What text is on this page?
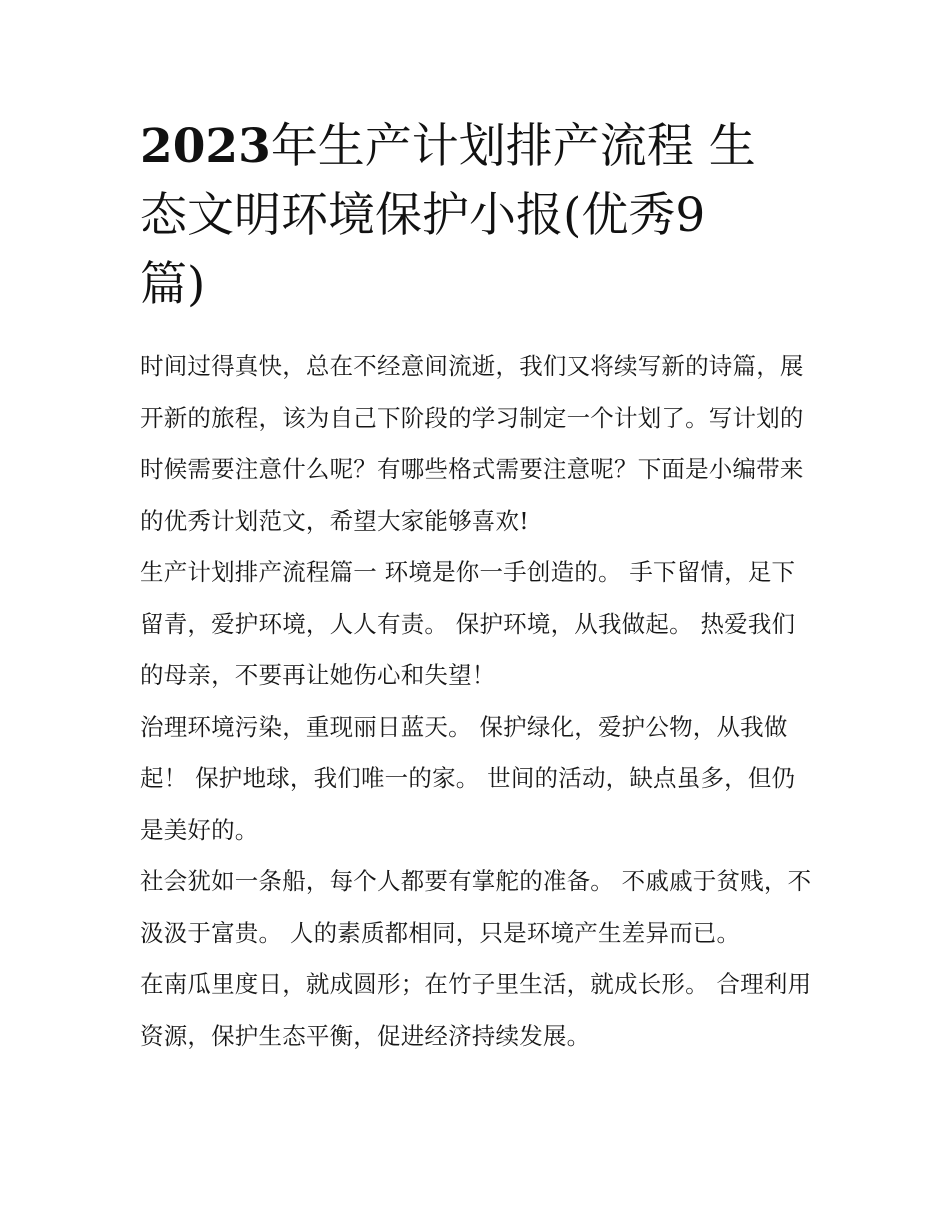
2023年生产计划排产流程 生态文明环境保护小报(优秀9篇)

时间过得真快，总在不经意间流逝，我们又将续写新的诗篇，展开新的旅程，该为自己下阶段的学习制定一个计划了。写计划的时候需要注意什么呢？有哪些格式需要注意呢？下面是小编带来的优秀计划范文，希望大家能够喜欢!

生产计划排产流程篇一 环境是你一手创造的。 手下留情，足下留青，爱护环境，人人有责。 保护环境，从我做起。 热爱我们的母亲，不要再让她伤心和失望！

治理环境污染，重现丽日蓝天。 保护绿化，爱护公物，从我做起！ 保护地球，我们唯一的家。 世间的活动，缺点虽多，但仍是美好的。

社会犹如一条船，每个人都要有掌舵的准备。 不戚戚于贫贱，不汲汲于富贵。 人的素质都相同，只是环境产生差异而已。

在南瓜里度日，就成圆形；在竹子里生活，就成长形。 合理利用资源，保护生态平衡，促进经济持续发展。
